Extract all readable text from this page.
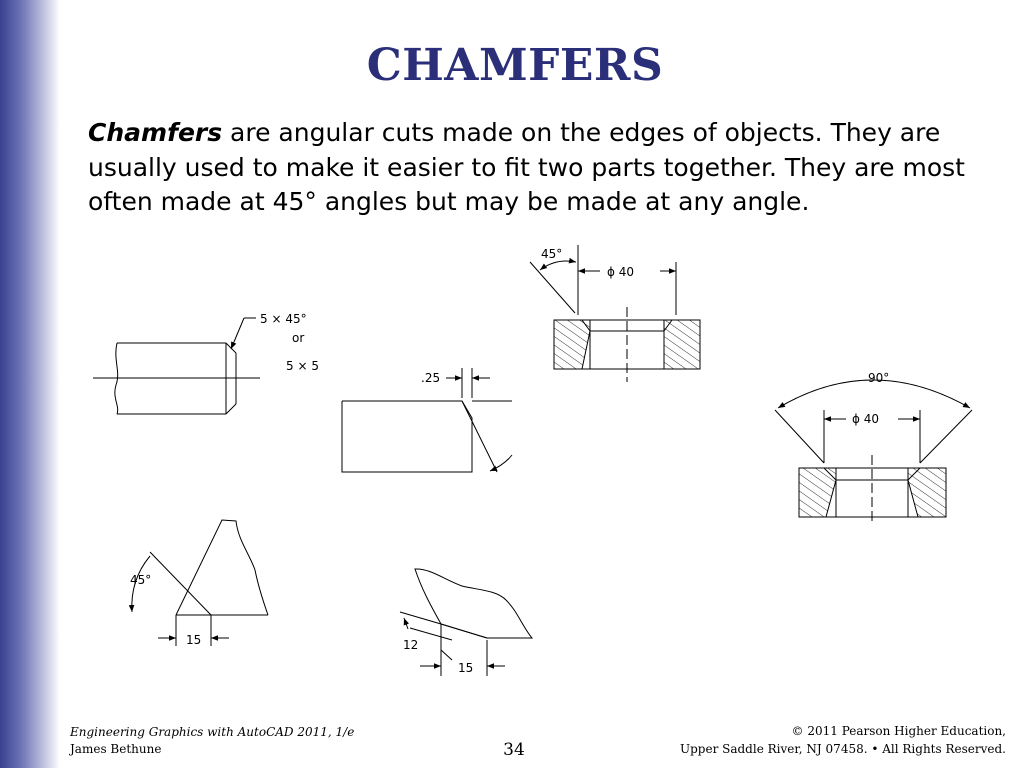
CHAMFERS

Chamfers are angular cuts made on the edges of objects. They are usually used to make it easier to fit two parts together. They are most often made at 45° angles but may be made at any angle.

5 × 45°
or
5 × 5
.25
45°
ϕ 40
90°
ϕ 40
45°
15	12
15
Engineering Graphics with AutoCAD 2011, 1/e
James Bethune	34
© 2011 Pearson Higher Education,
Upper Saddle River, NJ 07458. • All Rights Reserved.
